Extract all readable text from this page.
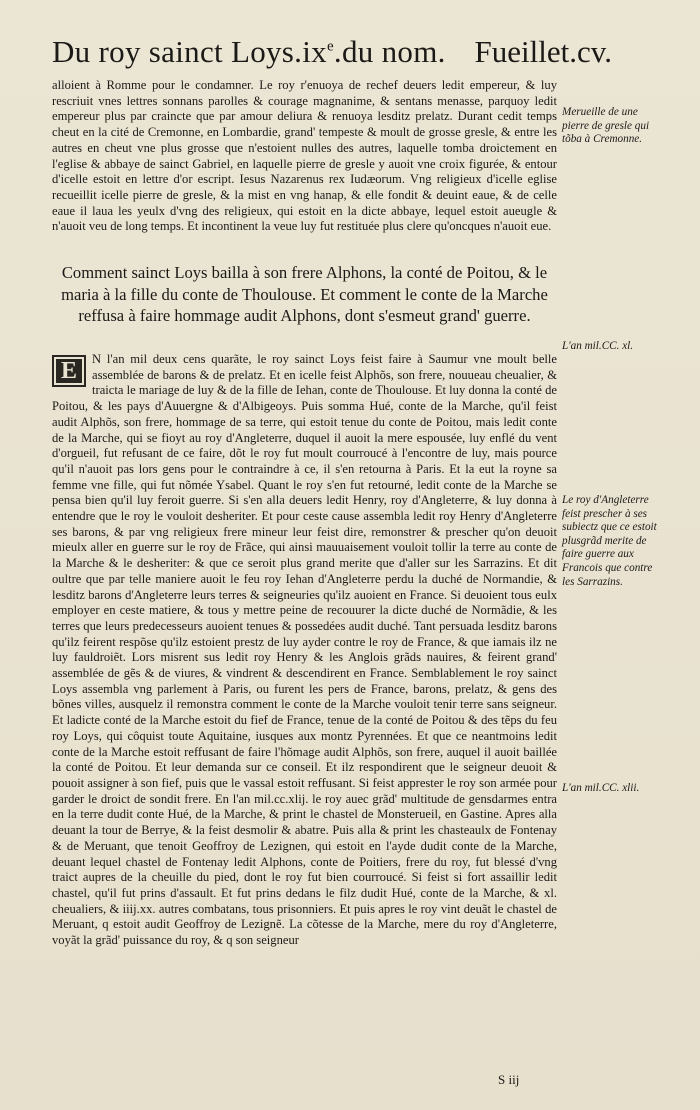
Du roy sainct $Loys.ix^e.du$ nom. Fueillet.cv.
alloient à Romme pour le condamner. Le roy r'enuoya de rechef deuers ledit empereur, & luy rescriuit vnes lettres sonnans parolles & courage magnanime, & sentans menasse, parquoy ledit empereur plus par craincte que par amour deliura & renuoya lesditz prelatz. Durant cedit temps cheut en la cité de Cremonne, en Lombardie, grand' tempeste & moult de grosse gresle, & entre les autres en cheut vne plus grosse que n'estoient nulles des autres, laquelle tomba droictement en l'eglise & abbaye de sainct Gabriel, en laquelle pierre de gresle y auoit vne croix figurée, & entour d'icelle estoit en lettre d'or escript. Iesus Nazarenus rex Iudæorum. Vng religieux d'icelle eglise recueillit icelle pierre de gresle, & la mist en vng hanap, & elle fondit & deuint eaue, & de celle eaue il laua les yeulx d'vng des religieux, qui estoit en la dicte abbaye, lequel estoit aueugle & n'auoit veu de long temps. Et incontinent la veue luy fut restituée plus clere qu'oncques n'auoit eue.
Comment sainct Loys bailla à son frere Alphons, la conté de Poitou, & le maria à la fille du conte de Thoulouse. Et comment le conte de la Marche reffusa à faire hommage audit Alphons, dont s'esmeut grand' guerre.
E	N l'an mil deux cens quarãte, le roy sainct Loys feist faire à Saumur vne moult belle assemblée de barons & de prelatz. Et en icelle feist Alphõs, son frere, nouueau cheualier, & traicta le mariage de luy & de la fille de Iehan, conte de Thoulouse. Et luy donna la conté de Poitou, & les pays d'Auuergne & d'Albigeoys. Puis somma Hué, conte de la Marche, qu'il feist audit Alphõs, son frere, hommage de sa terre, qui estoit tenue du conte de Poitou, mais ledit conte de la Marche, qui se fioyt au roy d'Angleterre, duquel il auoit la mere espousée, luy enflé du vent d'orgueil, fut refusant de ce faire, dõt le roy fut moult courroucé à l'encontre de luy, mais pource qu'il n'auoit pas lors gens pour le contraindre à ce, il s'en retourna à Paris. Et la eut la royne sa femme vne fille, qui fut nõmée Ysabel. Quant le roy s'en fut retourné, ledit conte de la Marche se pensa bien qu'il luy feroit guerre. Si s'en alla deuers ledit Henry, roy d'Angleterre, & luy donna à entendre que le roy le vouloit desheriter. Et pour ceste cause assembla ledit roy Henry d'Angleterre ses barons, & par vng religieux frere mineur leur feist dire, remonstrer & prescher qu'on deuoit mieulx aller en guerre sur le roy de Frãce, qui ainsi mauuaisement vouloit tollir la terre au conte de la Marche & le desheriter: & que ce seroit plus grand merite que d'aller sur les Sarrazins. Et dit oultre que par telle maniere auoit le feu roy Iehan d'Angleterre perdu la duché de Normandie, & lesditz barons d'Angleterre leurs terres & seigneuries qu'ilz auoient en France. Si deuoient tous eulx employer en ceste matiere, & tous y mettre peine de recouurer la dicte duché de Normãdie, & les terres que leurs predecesseurs auoient tenues & possedées audit duché. Tant persuada lesditz barons qu'ilz feirent respõse qu'ilz estoient prestz de luy ayder contre le roy de France, & que iamais ilz ne luy fauldroiẽt. Lors misrent sus ledit roy Henry & les Anglois grãds nauires, & feirent grand' assemblée de gẽs & de viures, & vindrent & descendirent en France. Semblablement le roy sainct Loys assembla vng parlement à Paris, ou furent les pers de France, barons, prelatz, & gens des bõnes villes, ausquelz il remonstra comment le conte de la Marche vouloit tenir terre sans seigneur. Et ladicte conté de la Marche estoit du fief de France, tenue de la conté de Poitou & des tẽps du feu roy Loys, qui côquist toute Aquitaine, iusques aux montz Pyrennées. Et que ce neantmoins ledit conte de la Marche estoit reffusant de faire l'hõmage audit Alphõs, son frere, auquel il auoit baillée la conté de Poitou. Et leur demanda sur ce conseil. Et ilz respondirent que le seigneur deuoit & pouoit assigner à son fief, puis que le vassal estoit reffusant. Si feist apprester le roy son armée pour garder le droict de sondit frere. En l'an mil.cc.xlij. le roy auec grãd' multitude de gensdarmes entra en la terre dudit conte Hué, de la Marche, & print le chastel de Monsterueil, en Gastine. Apres alla deuant la tour de Berrye, & la feist desmolir & abatre. Puis alla & print les chasteaulx de Fontenay & de Meruant, que tenoit Geoffroy de Lezignen, qui estoit en l'ayde dudit conte de la Marche, deuant lequel chastel de Fontenay ledit Alphons, conte de Poitiers, frere du roy, fut blessé d'vng traict aupres de la cheuille du pied, dont le roy fut bien courroucé. Si feist si fort assaillir ledit chastel, qu'il fut prins d'assault. Et fut prins dedans le filz dudit Hué, conte de la Marche, & xl. cheualiers, & iiij.xx. autres combatans, tous prisonniers. Et puis apres le roy vint deuãt le chastel de Meruant, q estoit audit Geoffroy de Lezignẽ. La cõtesse de la Marche, mere du roy d'Angleterre, voyãt la grãd' puissance du roy, & q son seigneur
Merueille de une pierre de gresle qui tõba à Cremonne.
L'an mil.CC. xl.
Le roy d'Angleterre feist prescher à ses subiectz que ce estoit plusgrãd merite de faire guerre aux Francois que contre les Sarrazins.
L'an mil.CC. xlii.
S iij
